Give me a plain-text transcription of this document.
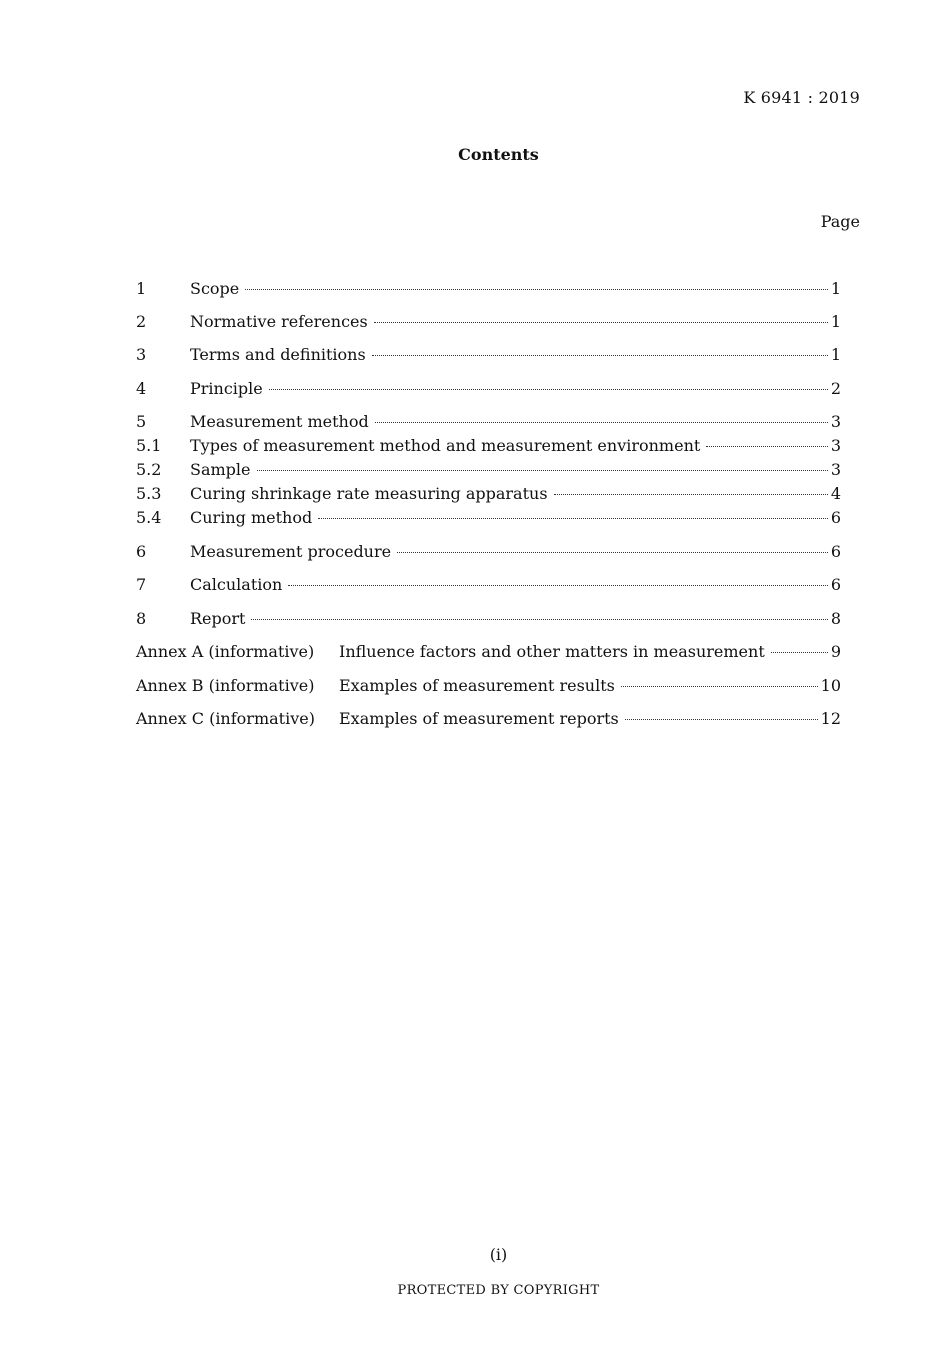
K 6941 : 2019
Contents
Page
1	Scope	1
2	Normative references	1
3	Terms and definitions	1
4	Principle	2
5	Measurement method	3
5.1	Types of measurement method and measurement environment	3
5.2	Sample	3
5.3	Curing shrinkage rate measuring apparatus	4
5.4	Curing method	6
6	Measurement procedure	6
7	Calculation	6
8	Report	8
Annex A (informative)	Influence factors and other matters in measurement	9
Annex B (informative)	Examples of measurement results	10
Annex C (informative)	Examples of measurement reports	12
(i)
PROTECTED BY COPYRIGHT
